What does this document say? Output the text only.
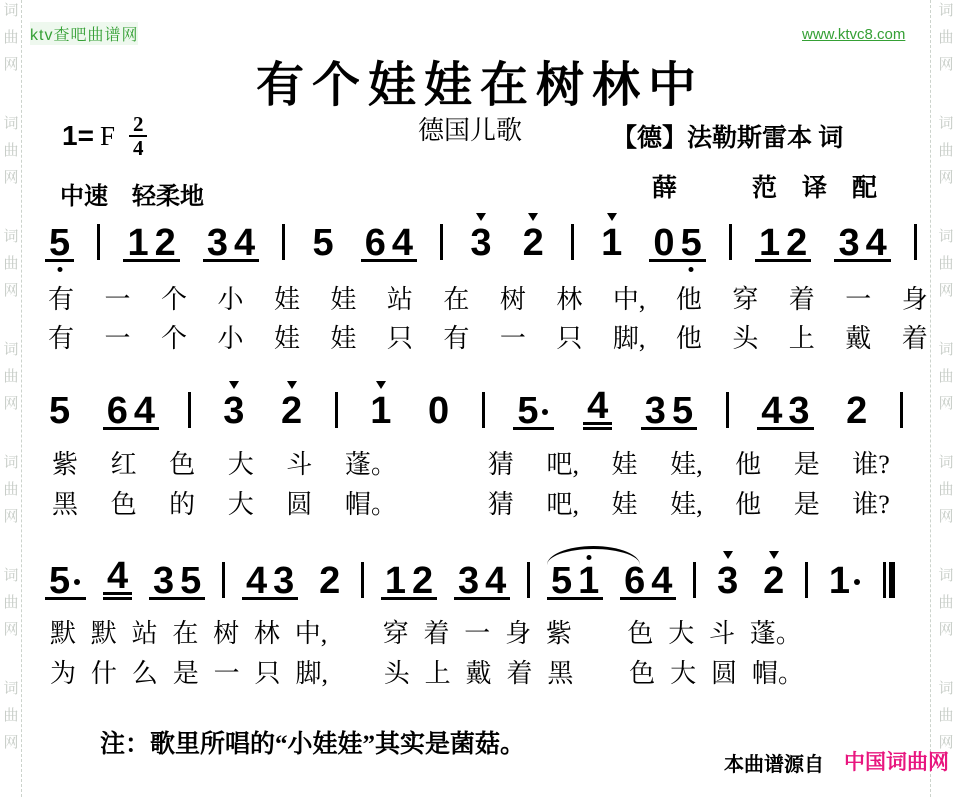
词
曲
网
词
曲
网
词
曲
网
词
曲
网
词
曲
网
词
曲
网
词
曲
网
词
曲
网
词
曲
网
词
曲
网
词
曲
网
词
曲
网
词
曲
网
词
曲
网
ktv查吧曲谱网	www.ktvc8.com
有个娃娃在树林中
德国儿歌
1= F $\frac{2}{4}$
中速　轻柔地
【德】法勒斯雷本 词
薛　　　范　译　配
5 1 2 3 4 5 6 4 3 2 1 0 5 1 2 3 4
有 一 个 小 娃 娃 站 在 树 林 中, 他 穿 着 一 身
有 一 个 小 娃 娃 只 有 一 只 脚, 他 头 上 戴 着
5 6 4 3 2 1 0 5 4 3 5 4 3 2
紫 红 色 大 斗 蓬。	猜 吧, 娃 娃, 他 是 谁?
黑 色 的 大 圆 帽。	猜 吧, 娃 娃, 他 是 谁?
5 4 3 5 4 3 2 1 2 3 4 5 1 6 4 3 2 1
默 默 站 在 树 林 中, 穿 着 一 身 紫 色 大 斗 蓬。
为 什 么 是 一 只 脚, 头 上 戴 着 黑 色 大 圆 帽。
注：歌里所唱的“小娃娃”其实是菌菇。
本曲谱源自 中国词曲网
